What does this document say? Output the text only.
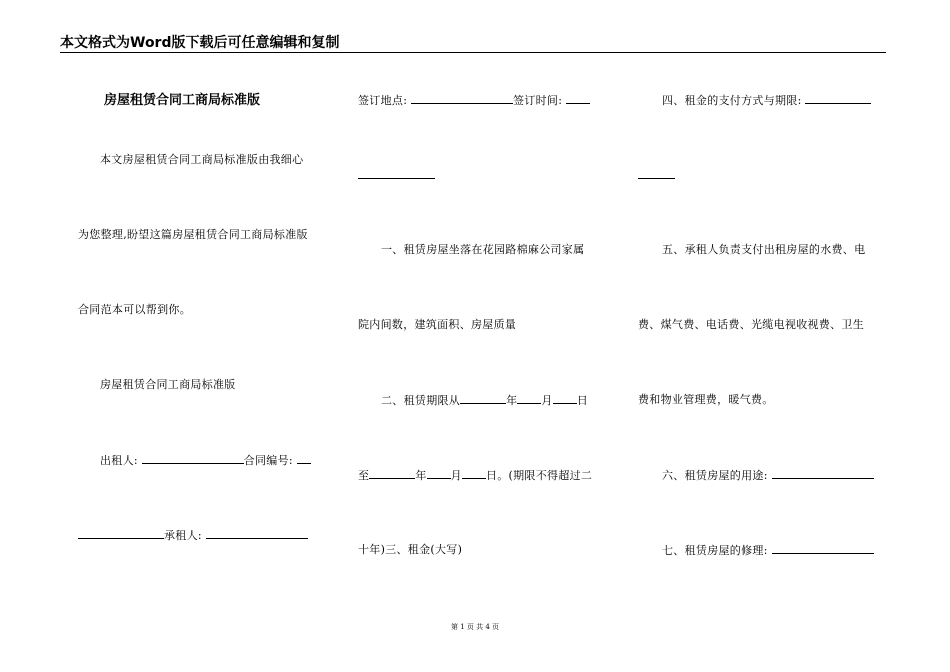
本文格式为Word版下载后可任意编辑和复制
房屋租赁合同工商局标准版
本文房屋租赁合同工商局标准版由我细心
为您整理,盼望这篇房屋租赁合同工商局标准版
合同范本可以帮到你。
房屋租赁合同工商局标准版
出租人:	合同编号:
承租人:
签订地点:	签订时间:
一、租赁房屋坐落在花园路棉麻公司家属
院内间数，建筑面积、房屋质量
二、租赁期限从	年 月 日
至	年 月 日。(期限不得超过二
十年)三、租金(大写)
四、租金的支付方式与期限:
五、承租人负责支付出租房屋的水费、电
费、煤气费、电话费、光缆电视收视费、卫生
费和物业管理费，暖气费。
六、租赁房屋的用途:
七、租赁房屋的修理:
第 1 页 共 4 页
